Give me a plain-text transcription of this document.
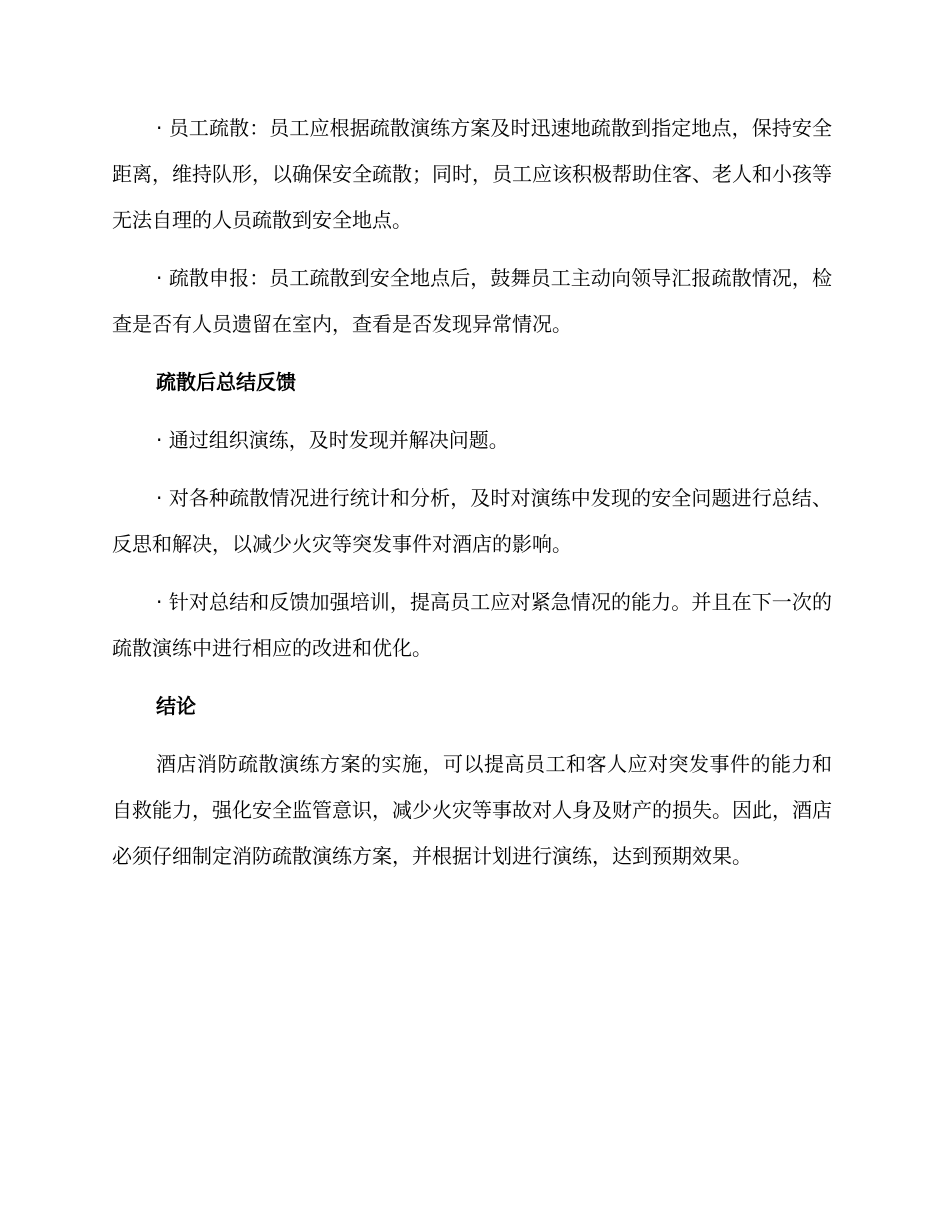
· 员工疏散：员工应根据疏散演练方案及时迅速地疏散到指定地点，保持安全距离，维持队形，以确保安全疏散；同时，员工应该积极帮助住客、老人和小孩等无法自理的人员疏散到安全地点。

· 疏散申报：员工疏散到安全地点后，鼓舞员工主动向领导汇报疏散情况，检查是否有人员遗留在室内，查看是否发现异常情况。

疏散后总结反馈

· 通过组织演练，及时发现并解决问题。

· 对各种疏散情况进行统计和分析，及时对演练中发现的安全问题进行总结、反思和解决，以减少火灾等突发事件对酒店的影响。

· 针对总结和反馈加强培训，提高员工应对紧急情况的能力。并且在下一次的疏散演练中进行相应的改进和优化。

结论

酒店消防疏散演练方案的实施，可以提高员工和客人应对突发事件的能力和自救能力，强化安全监管意识，减少火灾等事故对人身及财产的损失。因此，酒店必须仔细制定消防疏散演练方案，并根据计划进行演练，达到预期效果。
